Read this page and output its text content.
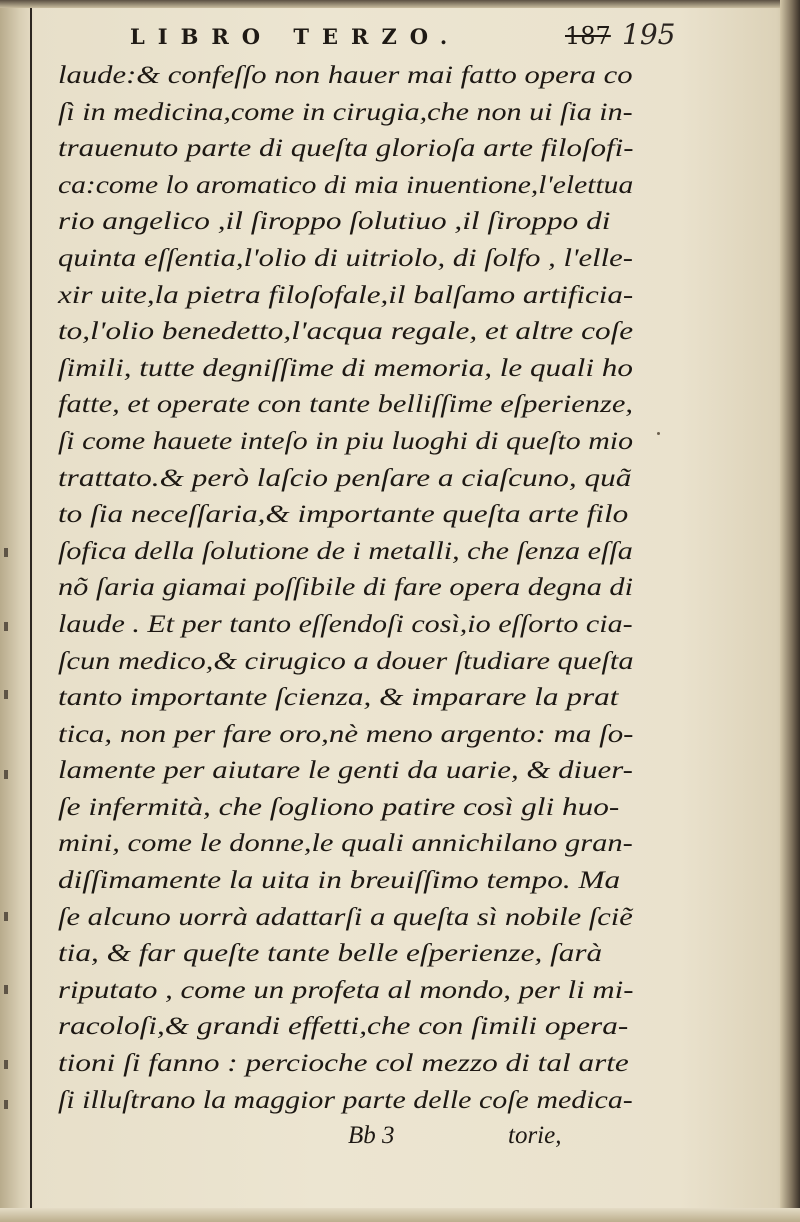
LIBRO TERZO.	187 195
laude:& confeſſo non hauer mai fatto opera co
ſì in medicina,come in cirugia,che non ui ſia in-
trauenuto parte di queſta glorioſa arte filoſofi-
ca:come lo aromatico di mia inuentione,l'elettua
rio angelico ,il ſiroppo ſolutiuo ,il ſiroppo di
quinta eſſentia,l'olio di uitriolo, di ſolfo , l'elle-
xir uite,la pietra filoſofale,il balſamo artificia-
to,l'olio benedetto,l'acqua regale, et altre coſe
ſimili, tutte degniſſime di memoria, le quali ho
fatte, et operate con tante belliſſime eſperienze,
ſi come hauete inteſo in piu luoghi di queſto mio
trattato.& però laſcio penſare a ciaſcuno, quã
to ſia neceſſaria,& importante queſta arte filo
ſofica della ſolutione de i metalli, che ſenza eſſa
nõ ſaria giamai poſſibile di fare opera degna di
laude . Et per tanto eſſendoſi così,io eſſorto cia-
ſcun medico,& cirugico a douer ſtudiare queſta
tanto importante ſcienza, & imparare la prat
tica, non per fare oro,nè meno argento: ma ſo-
lamente per aiutare le genti da uarie, & diuer-
ſe infermità, che ſogliono patire così gli huo-
mini, come le donne,le quali annichilano gran-
diſſimamente la uita in breuiſſimo tempo. Ma
ſe alcuno uorrà adattarſi a queſta sì nobile ſciẽ
tia, & far queſte tante belle eſperienze, ſarà
riputato , come un profeta al mondo, per li mi-
racoloſi,& grandi effetti,che con ſimili opera-
tioni ſi fanno : percioche col mezzo di tal arte
ſi illuſtrano la maggior parte delle coſe medica-
Bb 3	torie,
